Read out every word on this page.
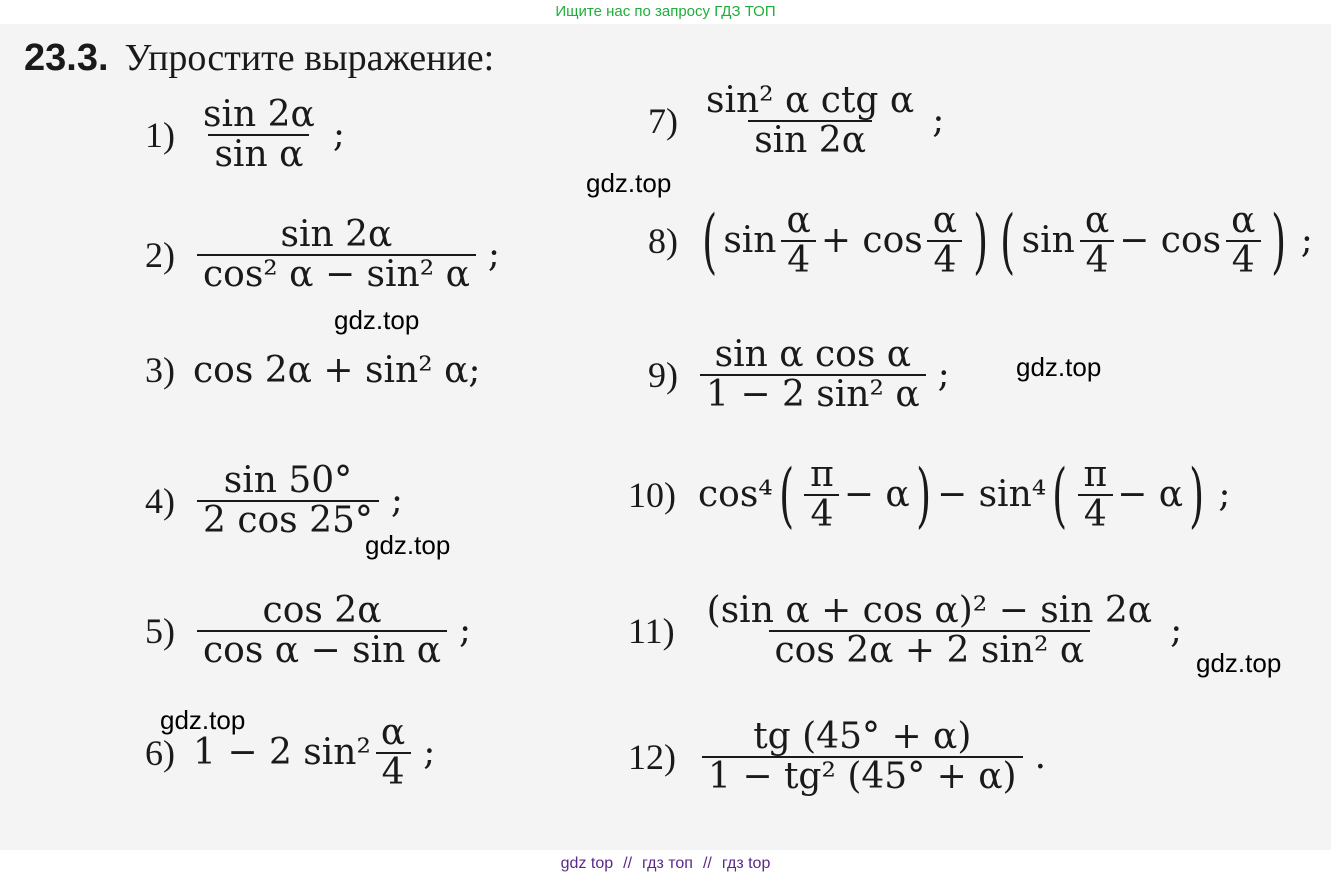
Ищите нас по запросу ГДЗ ТОП
23.3. Упростите выражение:
$1) \frac{\sin 2\alpha}{\text{sin α}}$ ;
$2) \frac{\sin 2\alpha}{\text{cos² α − sin² α}}$ ;
3) cos 2α + sin² α;
$4) \frac{\sin 50^\circ}{2 \cos 25^\circ}$ ;
$5) \frac{\cos 2\alpha}{\text{cos α − sin α}}$ ;
6) 1 − 2 $\sin^2 \frac{\alpha}{4}$ ;
$7) \frac{\text{sin² α ctg α}}{\sin 2\alpha}$ ;
8) ( $\sin \frac{\alpha}{4} + \cos \frac{\alpha}{4}$ ) ( $\sin \frac{\alpha}{4} - \cos \frac{\alpha}{4}$ ) ;
$9) \frac{\text{sin α cos α}}{\text{1 − 2 sin² α}}$ ;
10) cos⁴ ( $\frac{\pi}{4} - \alpha$ ) − sin⁴ ( $\frac{\pi}{4} - \alpha$ ) ;
$11) \frac{\text{(sin α + cos α)² − sin 2α}}{\text{cos 2α + 2 sin² α}}$ ;
$12) \frac{tg (45^\circ + \alpha)}{\text{1 − tg² (45° + α)}}$ .
gdz.top
gdz.top
gdz.top
gdz.top
gdz.top
gdz.top
gdz top // гдз топ // гдз top
